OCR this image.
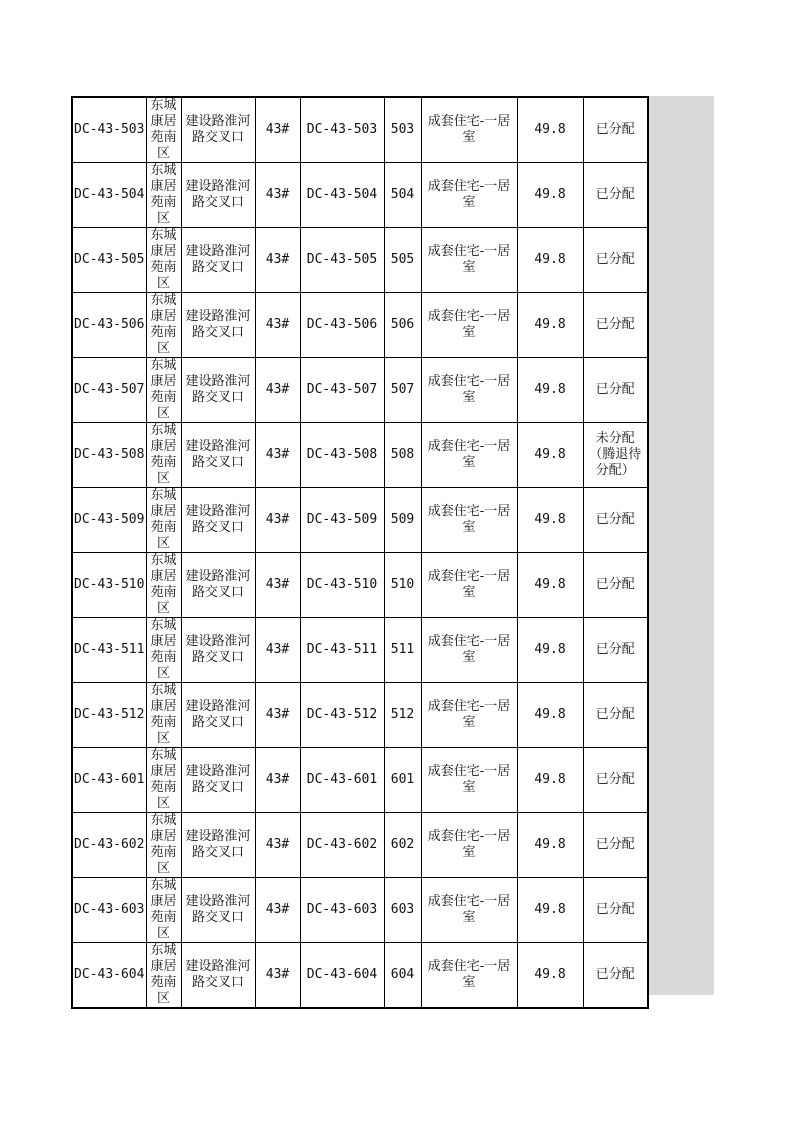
DC-43-503	东城康居苑南区	建设路淮河路交叉口	43#	DC-43-503	503	成套住宅-一居室	49.8	已分配
DC-43-504	东城康居苑南区	建设路淮河路交叉口	43#	DC-43-504	504	成套住宅-一居室	49.8	已分配
DC-43-505	东城康居苑南区	建设路淮河路交叉口	43#	DC-43-505	505	成套住宅-一居室	49.8	已分配
DC-43-506	东城康居苑南区	建设路淮河路交叉口	43#	DC-43-506	506	成套住宅-一居室	49.8	已分配
DC-43-507	东城康居苑南区	建设路淮河路交叉口	43#	DC-43-507	507	成套住宅-一居室	49.8	已分配
DC-43-508	东城康居苑南区	建设路淮河路交叉口	43#	DC-43-508	508	成套住宅-一居室	49.8	未分配（腾退待分配）
DC-43-509	东城康居苑南区	建设路淮河路交叉口	43#	DC-43-509	509	成套住宅-一居室	49.8	已分配
DC-43-510	东城康居苑南区	建设路淮河路交叉口	43#	DC-43-510	510	成套住宅-一居室	49.8	已分配
DC-43-511	东城康居苑南区	建设路淮河路交叉口	43#	DC-43-511	511	成套住宅-一居室	49.8	已分配
DC-43-512	东城康居苑南区	建设路淮河路交叉口	43#	DC-43-512	512	成套住宅-一居室	49.8	已分配
DC-43-601	东城康居苑南区	建设路淮河路交叉口	43#	DC-43-601	601	成套住宅-一居室	49.8	已分配
DC-43-602	东城康居苑南区	建设路淮河路交叉口	43#	DC-43-602	602	成套住宅-一居室	49.8	已分配
DC-43-603	东城康居苑南区	建设路淮河路交叉口	43#	DC-43-603	603	成套住宅-一居室	49.8	已分配
DC-43-604	东城康居苑南区	建设路淮河路交叉口	43#	DC-43-604	604	成套住宅-一居室	49.8	已分配
